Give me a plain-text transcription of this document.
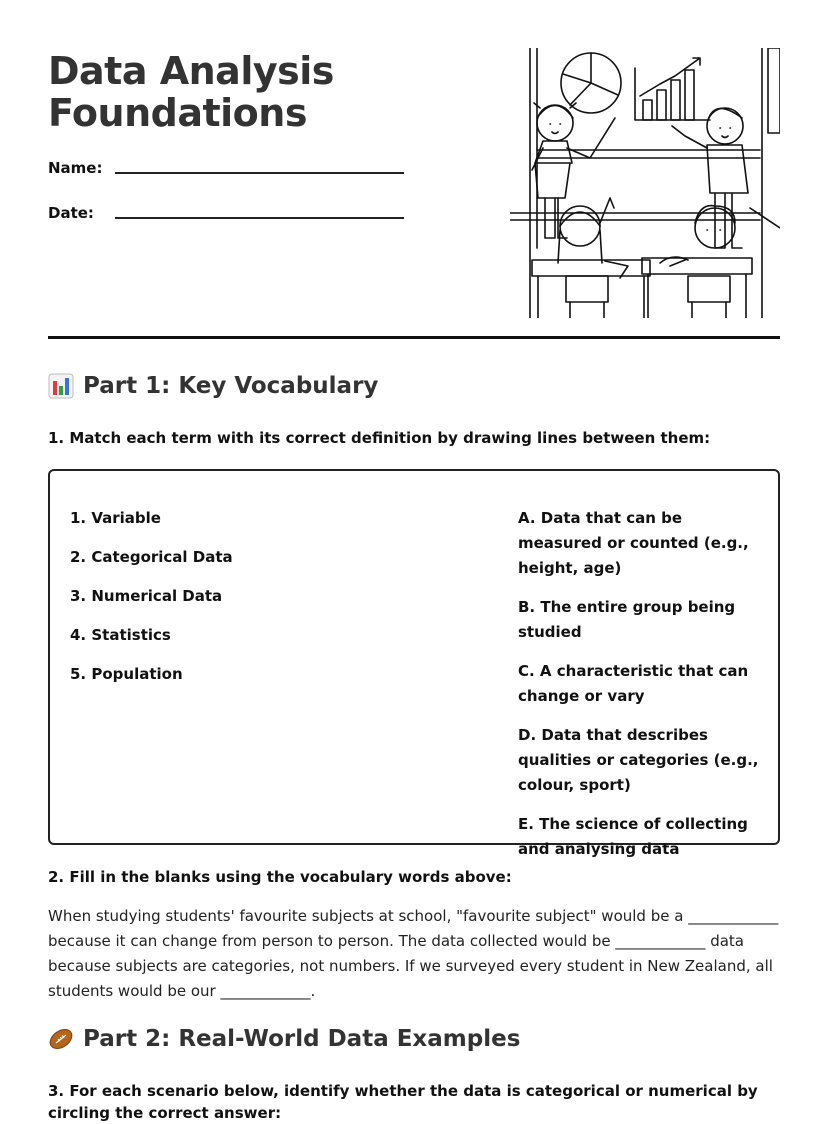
Data Analysis
Foundations
Name:
Date:
Part 1: Key Vocabulary

1. Match each term with its correct definition by drawing lines between them:

1. Variable
2. Categorical Data
3. Numerical Data
4. Statistics
5. Population
A. Data that can be measured or counted (e.g., height, age)
B. The entire group being studied
C. A characteristic that can change or vary
D. Data that describes qualities or categories (e.g., colour, sport)
E. The science of collecting and analysing data

2. Fill in the blanks using the vocabulary words above:

When studying students' favourite subjects at school, "favourite subject" would be a ____________ because it can change from person to person. The data collected would be ____________ data because subjects are categories, not numbers. If we surveyed every student in New Zealand, all students would be our ____________.

Part 2: Real-World Data Examples

3. For each scenario below, identify whether the data is categorical or numerical by circling the correct answer:
